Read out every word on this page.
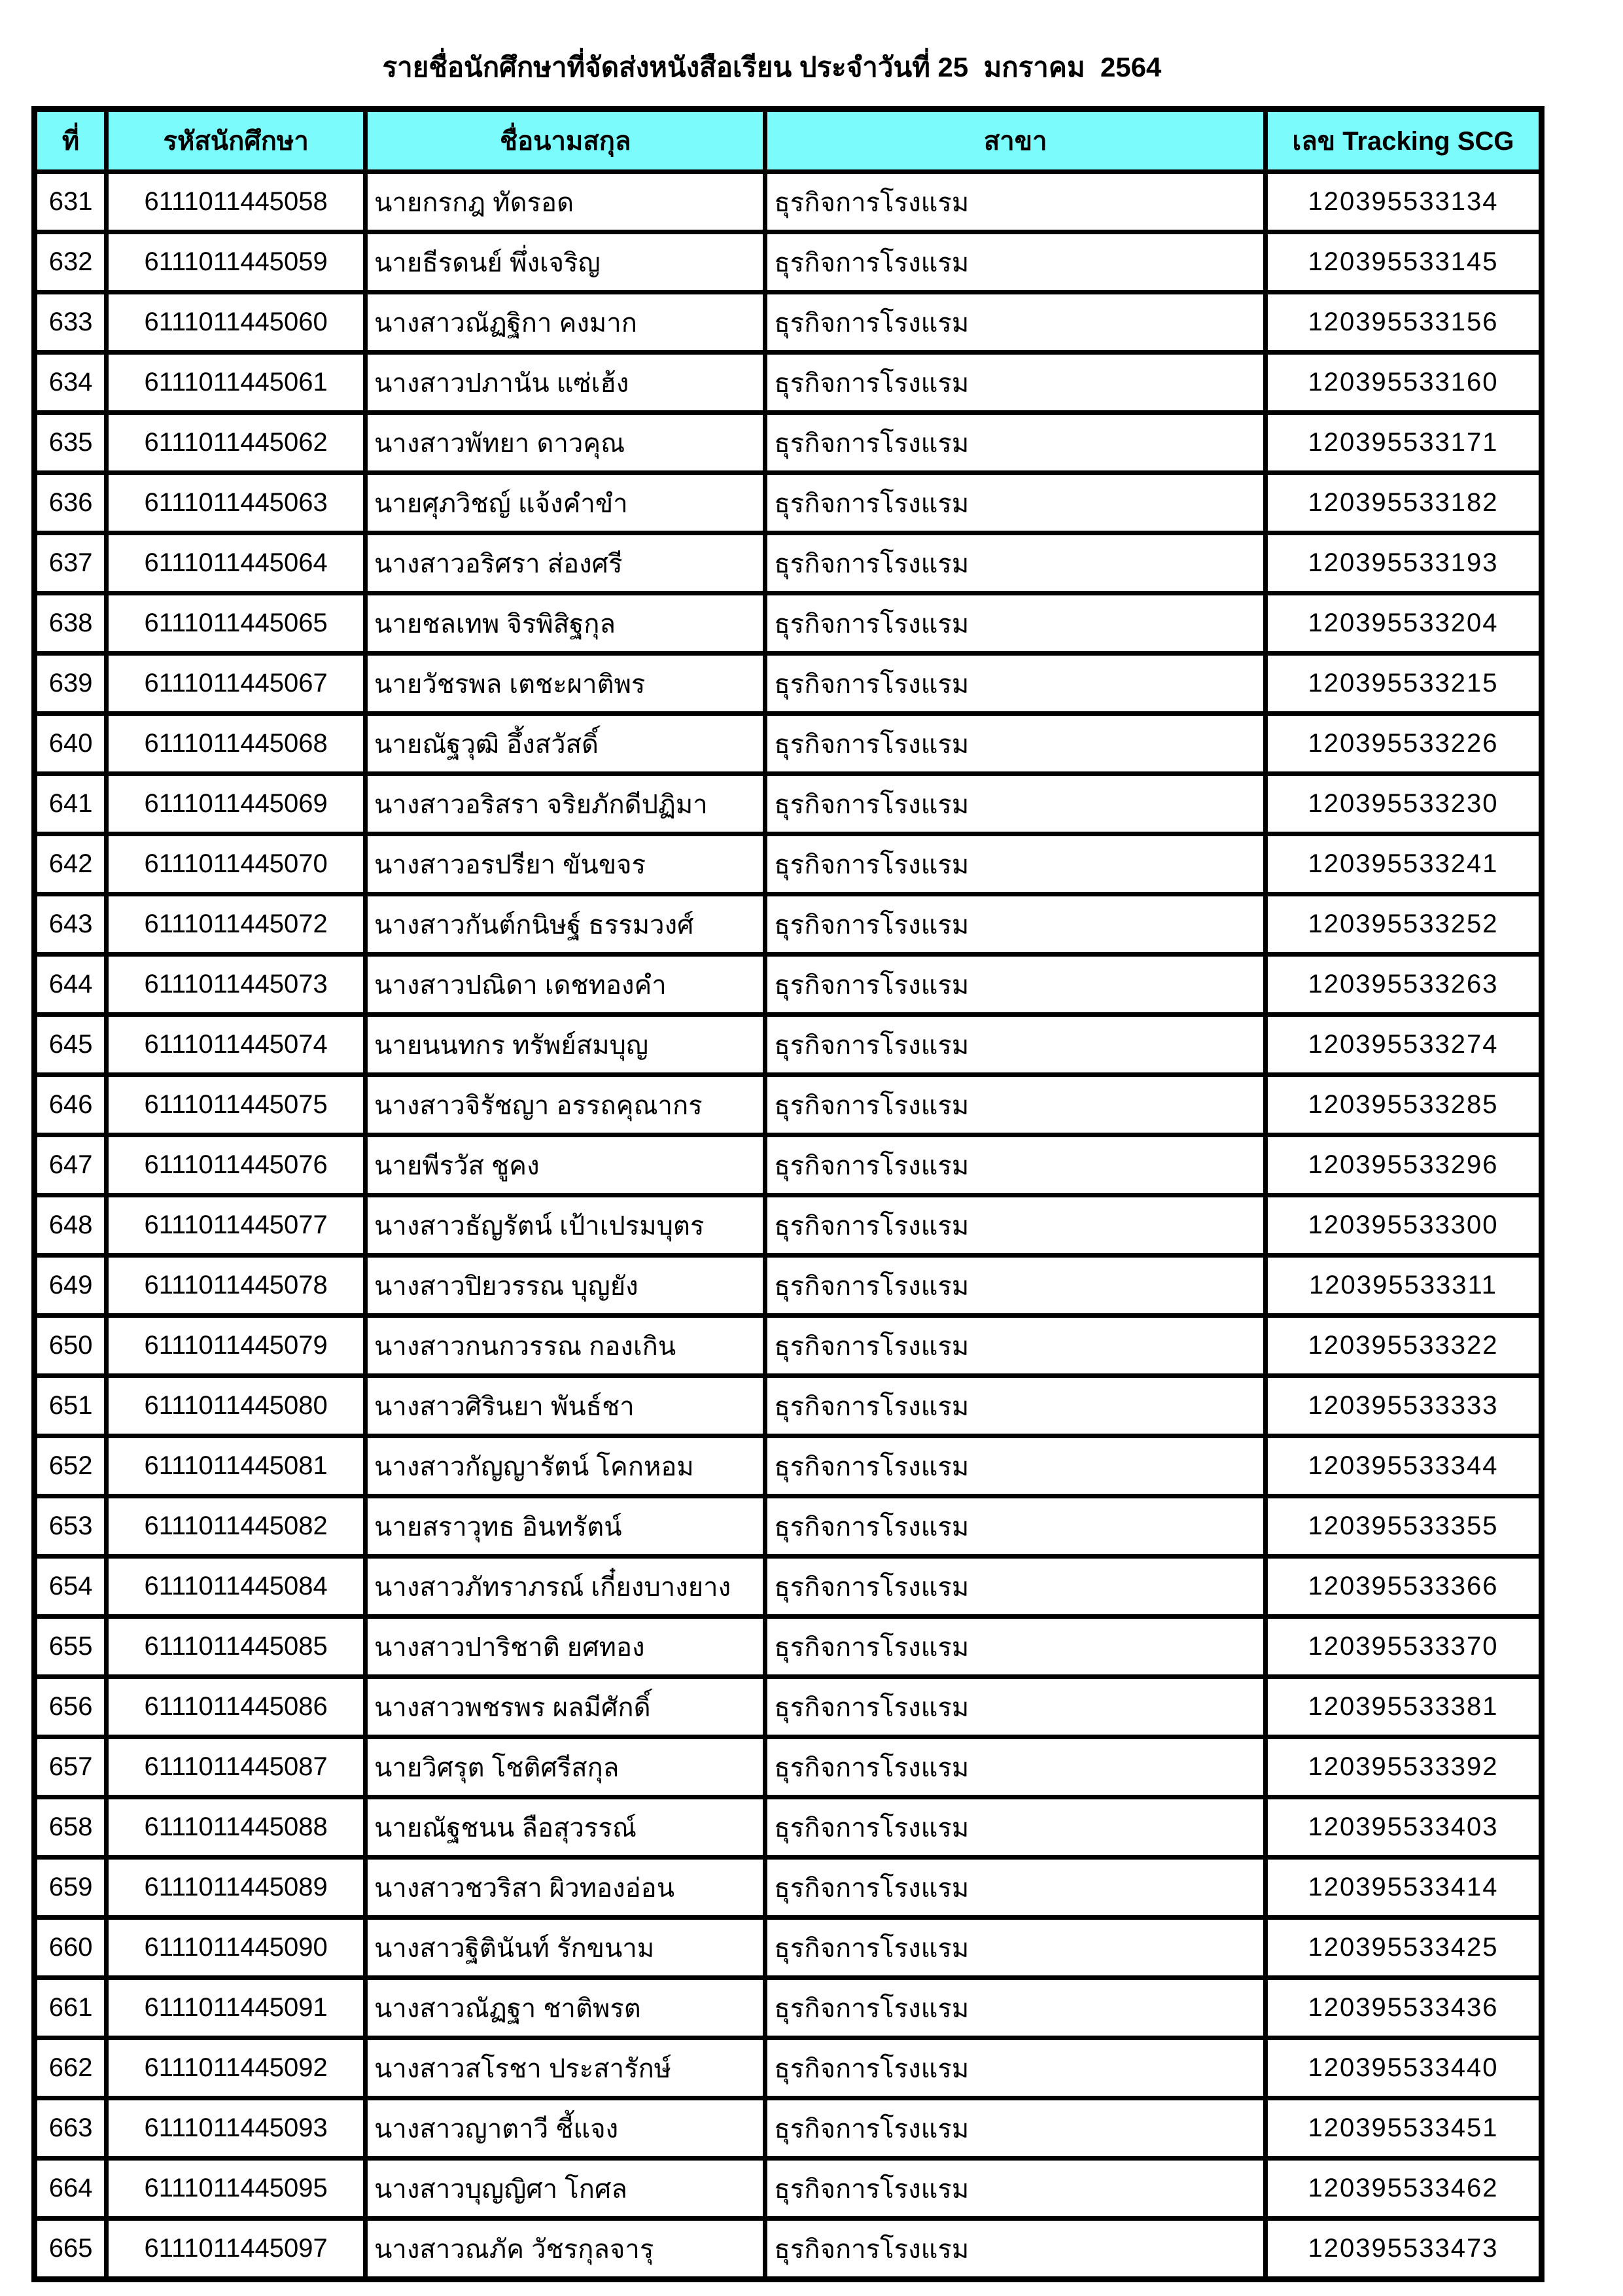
รายชื่อนักศึกษาที่จัดส่งหนังสือเรียน ประจำวันที่ 25  มกราคม  2564
ที่	รหัสนักศึกษา	ชื่อนามสกุล	สาขา	เลข Tracking SCG
631	6111011445058	นายกรกฎ ทัดรอด	ธุรกิจการโรงแรม	120395533134
632	6111011445059	นายธีรดนย์ พึ่งเจริญ	ธุรกิจการโรงแรม	120395533145
633	6111011445060	นางสาวณัฏฐิกา คงมาก	ธุรกิจการโรงแรม	120395533156
634	6111011445061	นางสาวปภานัน แซ่เฮ้ง	ธุรกิจการโรงแรม	120395533160
635	6111011445062	นางสาวพัทยา ดาวคุณ	ธุรกิจการโรงแรม	120395533171
636	6111011445063	นายศุภวิชญ์ แจ้งคำขำ	ธุรกิจการโรงแรม	120395533182
637	6111011445064	นางสาวอริศรา ส่องศรี	ธุรกิจการโรงแรม	120395533193
638	6111011445065	นายชลเทพ จิรพิสิฐกุล	ธุรกิจการโรงแรม	120395533204
639	6111011445067	นายวัชรพล เตชะผาติพร	ธุรกิจการโรงแรม	120395533215
640	6111011445068	นายณัฐวุฒิ อึ้งสวัสดิ์	ธุรกิจการโรงแรม	120395533226
641	6111011445069	นางสาวอริสรา จริยภักดีปฏิมา	ธุรกิจการโรงแรม	120395533230
642	6111011445070	นางสาวอรปรียา ขันขจร	ธุรกิจการโรงแรม	120395533241
643	6111011445072	นางสาวกันต์กนิษฐ์ ธรรมวงศ์	ธุรกิจการโรงแรม	120395533252
644	6111011445073	นางสาวปณิดา เดชทองคำ	ธุรกิจการโรงแรม	120395533263
645	6111011445074	นายนนทกร ทรัพย์สมบุญ	ธุรกิจการโรงแรม	120395533274
646	6111011445075	นางสาวจิรัชญา อรรถคุณากร	ธุรกิจการโรงแรม	120395533285
647	6111011445076	นายพีรวัส ชูคง	ธุรกิจการโรงแรม	120395533296
648	6111011445077	นางสาวธัญรัตน์ เป้าเปรมบุตร	ธุรกิจการโรงแรม	120395533300
649	6111011445078	นางสาวปิยวรรณ บุญยัง	ธุรกิจการโรงแรม	120395533311
650	6111011445079	นางสาวกนกวรรณ กองเกิน	ธุรกิจการโรงแรม	120395533322
651	6111011445080	นางสาวศิรินยา พันธ์ชา	ธุรกิจการโรงแรม	120395533333
652	6111011445081	นางสาวกัญญารัตน์ โคกหอม	ธุรกิจการโรงแรม	120395533344
653	6111011445082	นายสราวุทธ อินทรัตน์	ธุรกิจการโรงแรม	120395533355
654	6111011445084	นางสาวภัทราภรณ์ เกี๋ยงบางยาง	ธุรกิจการโรงแรม	120395533366
655	6111011445085	นางสาวปาริชาติ ยศทอง	ธุรกิจการโรงแรม	120395533370
656	6111011445086	นางสาวพชรพร ผลมีศักดิ์	ธุรกิจการโรงแรม	120395533381
657	6111011445087	นายวิศรุต โชติศรีสกุล	ธุรกิจการโรงแรม	120395533392
658	6111011445088	นายณัฐชนน ลือสุวรรณ์	ธุรกิจการโรงแรม	120395533403
659	6111011445089	นางสาวชวริสา ผิวทองอ่อน	ธุรกิจการโรงแรม	120395533414
660	6111011445090	นางสาวฐิตินันท์ รักขนาม	ธุรกิจการโรงแรม	120395533425
661	6111011445091	นางสาวณัฏฐา ชาติพรต	ธุรกิจการโรงแรม	120395533436
662	6111011445092	นางสาวสโรชา ประสารักษ์	ธุรกิจการโรงแรม	120395533440
663	6111011445093	นางสาวญาตาวี ชี้แจง	ธุรกิจการโรงแรม	120395533451
664	6111011445095	นางสาวบุญญิศา โกศล	ธุรกิจการโรงแรม	120395533462
665	6111011445097	นางสาวณภัค วัชรกุลจารุ	ธุรกิจการโรงแรม	120395533473
